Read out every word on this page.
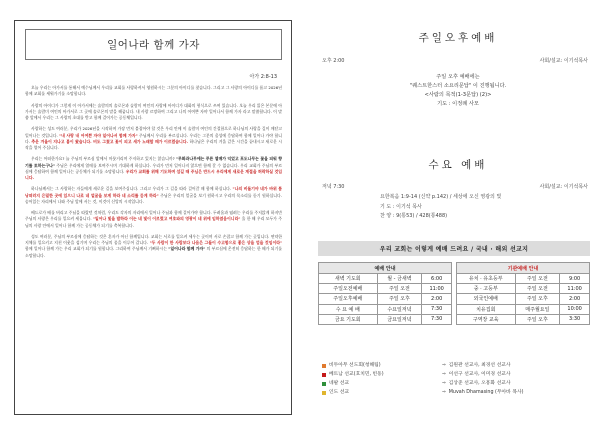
일어나라 함께 가자
아가 2:8-13

오늘 우리는 아가서를 통해서 예수님께서 우리를 교회를 사랑하셔서 영원하시는 그분의 아이디를 찾습니다. 그리고 그 사랑의 아이디를 품고 2026년 함께 교회를 세워가기를 소망합니다.

사랑의 아이디가 그렇게 이 아가서에는 술람의의 솔로몬과 술람미 여인의 사랑에 아이디가 대화의 형식으로 쓰여 있습니다. 오늘 우리 읽은 본문에 아가서는 술람미 여인의 아가서로 그 곳에 솔로몬의 말을 해줍니다. 내 사랑 르망하여 그리고 나의 어여쁜 자야 일어나서 함께 가자 라고 말씀합니다. 이 말씀 앞에서 우리는 그 사랑의 초대를 받고 함께 걸어가는 공동체입니다.

사랑하는 성도 여러분, 우리가 2026년을 시작하며 가장 먼저 붙잡아야 할 것은 우리 안에 이 술람미 여인의 간절함으로 하나님의 사랑을 깊이 깨닫고 일어나는 것입니다. "내 사랑 내 어여쁜 자야 일어나서 함께 가자" 주님께서 우리를 부르십니다. 우리는 그분의 음성에 응답하여 함께 일어나 가야 합니다. 추운 겨울이 지나고 봄이 왔습니다. 비도 그쳤고 꽃이 피고 새가 노래할 때가 이르렀습니다. 하나님은 우리의 겨울 같은 시간을 끝내시고 새로운 시작을 열어 주십니다.

우리는 어떠한가요? 늘 주님의 부르심 앞에서 머뭇거리며 주저하고 있지는 않습니까? "무화과나무에는 푸른 열매가 익었고 포도나무는 꽃을 피워 향기를 토하는구나" 주님은 우리에게 열매를 보여주시며 기대하게 하십니다. 우리가 먼저 일어나지 않으면 함께 갈 수 없습니다. 우리 교회가 주님의 부르심에 응답하여 함께 일어나는 공동체가 되기를 소망합니다. 우리가 교회를 위해 기도하며 섬길 때 주님은 반드시 우리에게 새로운 계절을 허락하실 것입니다.

하나님께서는 그 사랑하는 자들에게 새로운 길을 보여주십니다. 그리고 우리가 그 길을 따라 걸어갈 때 함께 하십니다. "나의 비둘기야 네가 바위 틈 낭떠러지 은밀한 곳에 있으니 나로 네 얼굴을 보게 하라 네 소리를 듣게 하라" 주님은 우리의 얼굴을 보기 원하시고 우리의 목소리를 듣기 원하십니다. 숨어있는 자리에서 나와 주님 앞에 서는 것, 이것이 신앙의 시작입니다.

베드로가 배를 버리고 주님을 따랐던 것처럼, 우리도 각자의 자리에서 일어나 주님과 함께 걸어가야 합니다. 두려움과 염려는 우리를 주저앉게 하지만 주님의 사랑은 우리를 일으켜 세웁니다. "일어나 빛을 발하라 이는 네 빛이 이르렀고 여호와의 영광이 네 위에 임하였음이니라" 올 한 해 우리 모두가 주님의 사랑 안에서 일어나 함께 가는 공동체가 되기를 축복합니다.

성도 여러분, 주님의 부르심에 응답하는 것은 혼자가 아닌 함께입니다. 교회는 서로를 일으켜 세우는 곳이며 서로 손잡고 함께 가는 곳입니다. 연약한 지체를 일으키고 지친 이웃을 섬기며 우리는 주님의 몸을 이루어 갑니다. "두 사람이 한 사람보다 나음은 그들이 수고함으로 좋은 상을 얻을 것임이라" 함께 일어나 함께 가는 우리 교회가 되기를 원합니다. 그리하여 주님께서 기뻐하시는 "일어나라 함께 가자" 의 부르심에 온전히 응답하는 한 해가 되기를 소망합니다.

주일오후예배
오후 2:00	사회/설교: 이기석목사
주일 오후 예배에는
"퀘스트한스터 소요리문답" 이 진행됩니다.
<사람의 목적(1-3문답) (2)>
기도 : 이정례 사모
수요 예배
저녁 7:30	사회/설교: 이기석목사
요한복음 1:9-14 (신약 p.142) / 세상에 오신 영광의 빛
기 도 : 이기석 목사
찬 양 : 9(통53) / 428(통488)
우리 교회는 이렇게 예배 드려요 / 국내 · 해외 선교지
예배 안내		
새벽 기도회	월 - 금새벽	6:00
주일오전예배	주일 오전	11:00
주일오후예배	주일 오후	2:00
수 요 예 배	수요일저녁	7:30
금요 기도회	금요일저녁	7:30
기관예배 안내		
유치 · 유초등부	주일 오전	9:00
중 · 고등부	주일 오전	11:00
외국인예배	주일 오후	2:00
치유집회	매주월요일	10:00
구역장 교육	주일 오후	3:30
비두아무 선도회(청해팀)	⇒ 김원관 선교사, 최경선 선교사
베트남 선교(호치민, 빈동)	⇒ 이선구 선교사, 이미경 선교사
네팔 선교	⇒ 김상준 선교사, 오흥화 선교사
인도 선교	⇒ Muvah Dhamasing (무아바 목사)
